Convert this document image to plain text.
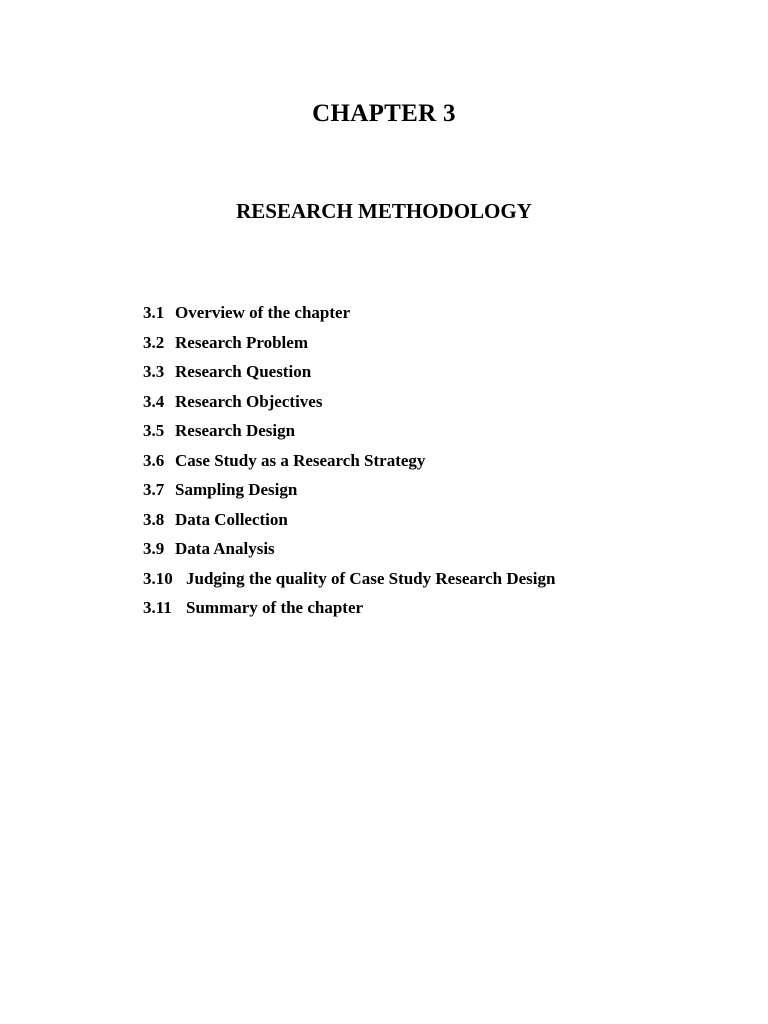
CHAPTER 3
RESEARCH METHODOLOGY
3.1 Overview of the chapter
3.2 Research Problem
3.3 Research Question
3.4 Research Objectives
3.5 Research Design
3.6 Case Study as a Research Strategy
3.7 Sampling Design
3.8 Data Collection
3.9 Data Analysis
3.10 Judging the quality of Case Study Research Design
3.11 Summary of the chapter
